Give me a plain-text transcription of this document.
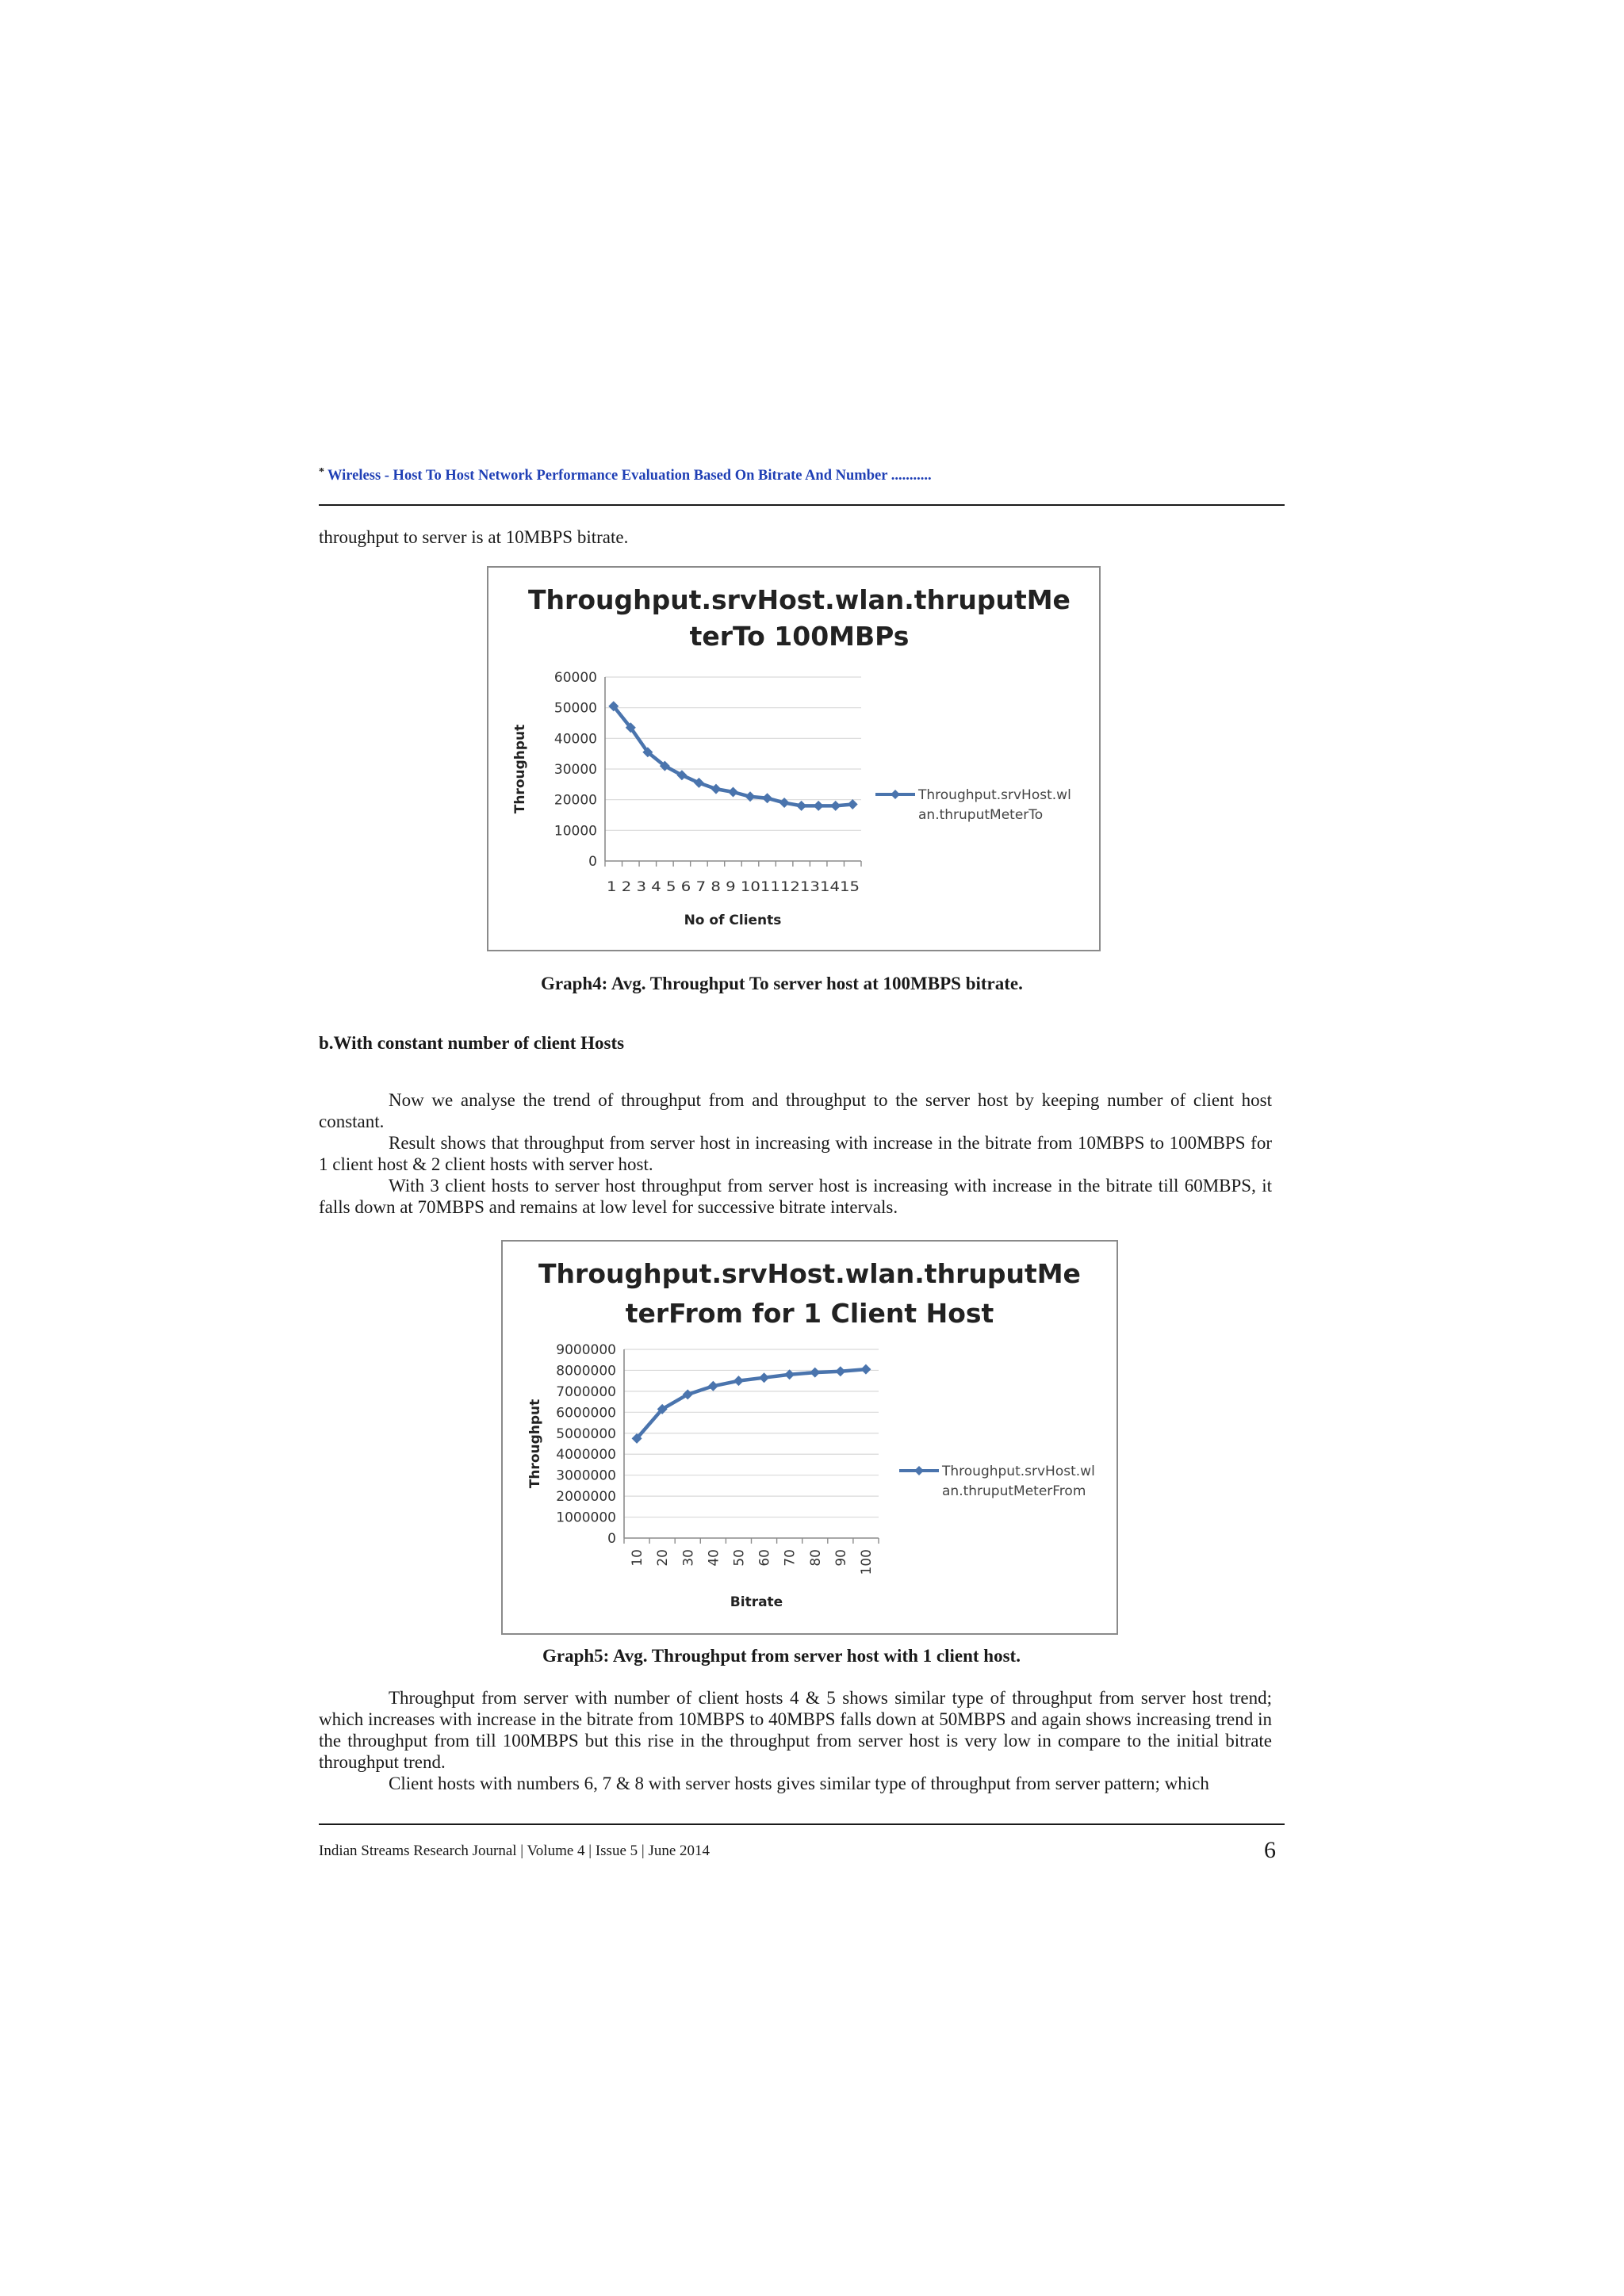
* Wireless - Host To Host Network Performance Evaluation Based On Bitrate And Number ...........
throughput to server is at 10MBPS bitrate.
Throughput.srvHost.wlan.thruputMe
terTo 100MBPs
0
10000
20000
30000
40000
50000
60000
1 2 3 4 5 6 7 8 9 101112131415
No of Clients
Throughput	Throughput.srvHost.wl
an.thruputMeterTo
Graph4: Avg. Throughput To server host at 100MBPS bitrate.
b.With constant number of client Hosts

Now we analyse the trend of throughput from and throughput to the server host by keeping number of client host constant.

Result shows that throughput from server host in increasing with increase in the bitrate from 10MBPS to 100MBPS for 1 client host & 2 client hosts with server host.

With 3 client hosts to server host throughput from server host is increasing with increase in the bitrate till 60MBPS, it falls down at 70MBPS and remains at low level for successive bitrate intervals.

Throughput.srvHost.wlan.thruputMe
terFrom for 1 Client Host
0
1000000
2000000
3000000
4000000
5000000
6000000
7000000
8000000
9000000
10 20 30 40 50 60 70 80 90 100
Bitrate
Throughput	Throughput.srvHost.wl
an.thruputMeterFrom
Graph5: Avg. Throughput from server host with 1 client host.

Throughput from server with number of client hosts 4 & 5 shows similar type of throughput from server host trend; which increases with increase in the bitrate from 10MBPS to 40MBPS falls down at 50MBPS and again shows increasing trend in the throughput from till 100MBPS but this rise in the throughput from server host is very low in compare to the initial bitrate throughput trend.

Client hosts with numbers 6, 7 & 8 with server hosts gives similar type of throughput from server pattern; which

Indian Streams Research Journal | Volume 4 | Issue 5 | June 2014	6
